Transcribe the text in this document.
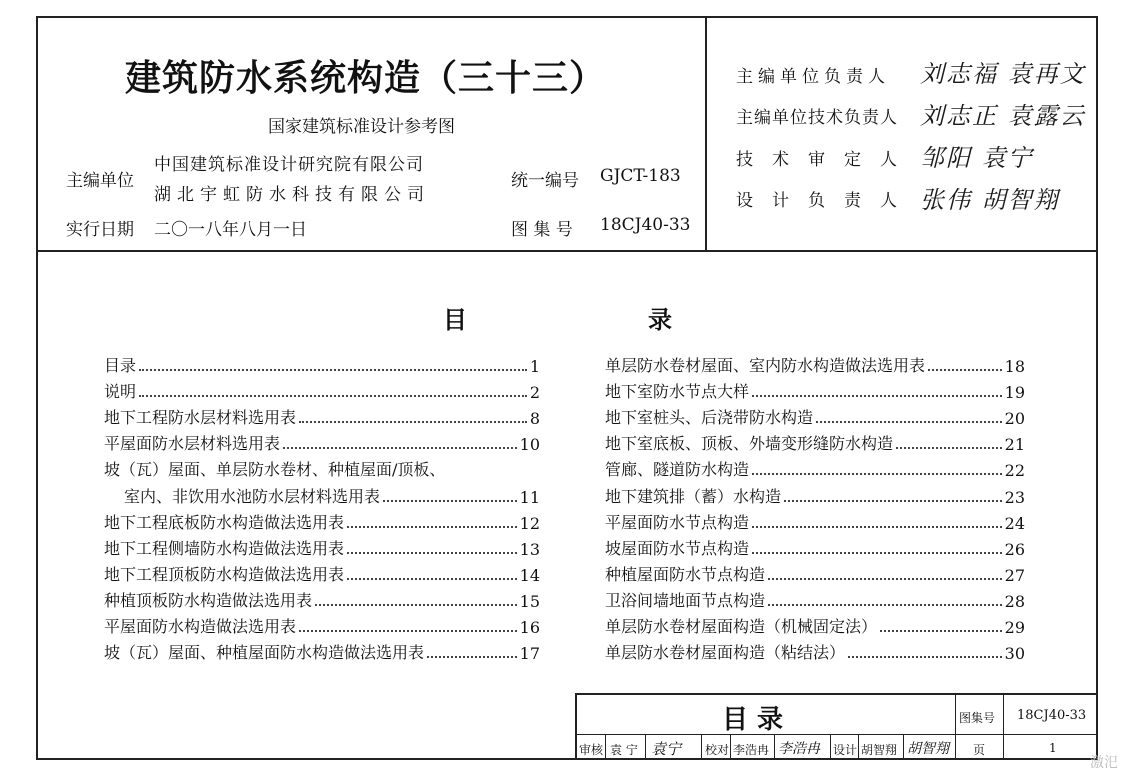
建筑防水系统构造（三十三）
国家建筑标准设计参考图
主编单位
中国建筑标准设计研究院有限公司
湖北宇虹防水科技有限公司
统一编号 GJCT-183
实行日期 二〇一八年八月一日	图 集 号 18CJ40-33
主编单位负责人 刘志福 袁再文
主编单位技术负责人 刘志正 袁露云
技术审定人 邹阳 袁宁
设计负责人 张伟 胡智翔
目	录
目录	1
说明	2
地下工程防水层材料选用表	8
平屋面防水层材料选用表	10
坡（瓦）屋面、单层防水卷材、种植屋面/顶板、
室内、非饮用水池防水层材料选用表	11
地下工程底板防水构造做法选用表	12
地下工程侧墙防水构造做法选用表	13
地下工程顶板防水构造做法选用表	14
种植顶板防水构造做法选用表	15
平屋面防水构造做法选用表	16
坡（瓦）屋面、种植屋面防水构造做法选用表	17
单层防水卷材屋面、室内防水构造做法选用表	18
地下室防水节点大样	19
地下室桩头、后浇带防水构造	20
地下室底板、顶板、外墙变形缝防水构造	21
管廊、隧道防水构造	22
地下建筑排（蓄）水构造	23
平屋面防水节点构造	24
坡屋面防水节点构造	26
种植屋面防水节点构造	27
卫浴间墙地面节点构造	28
单层防水卷材屋面构造（机械固定法）	29
单层防水卷材屋面构造（粘结法）	30
目 录	图集号 18CJ40-33
审核 袁 宁 袁宁 校对 李浩冉 李浩冉 设计 胡智翔 胡智翔 页	1
激汜
